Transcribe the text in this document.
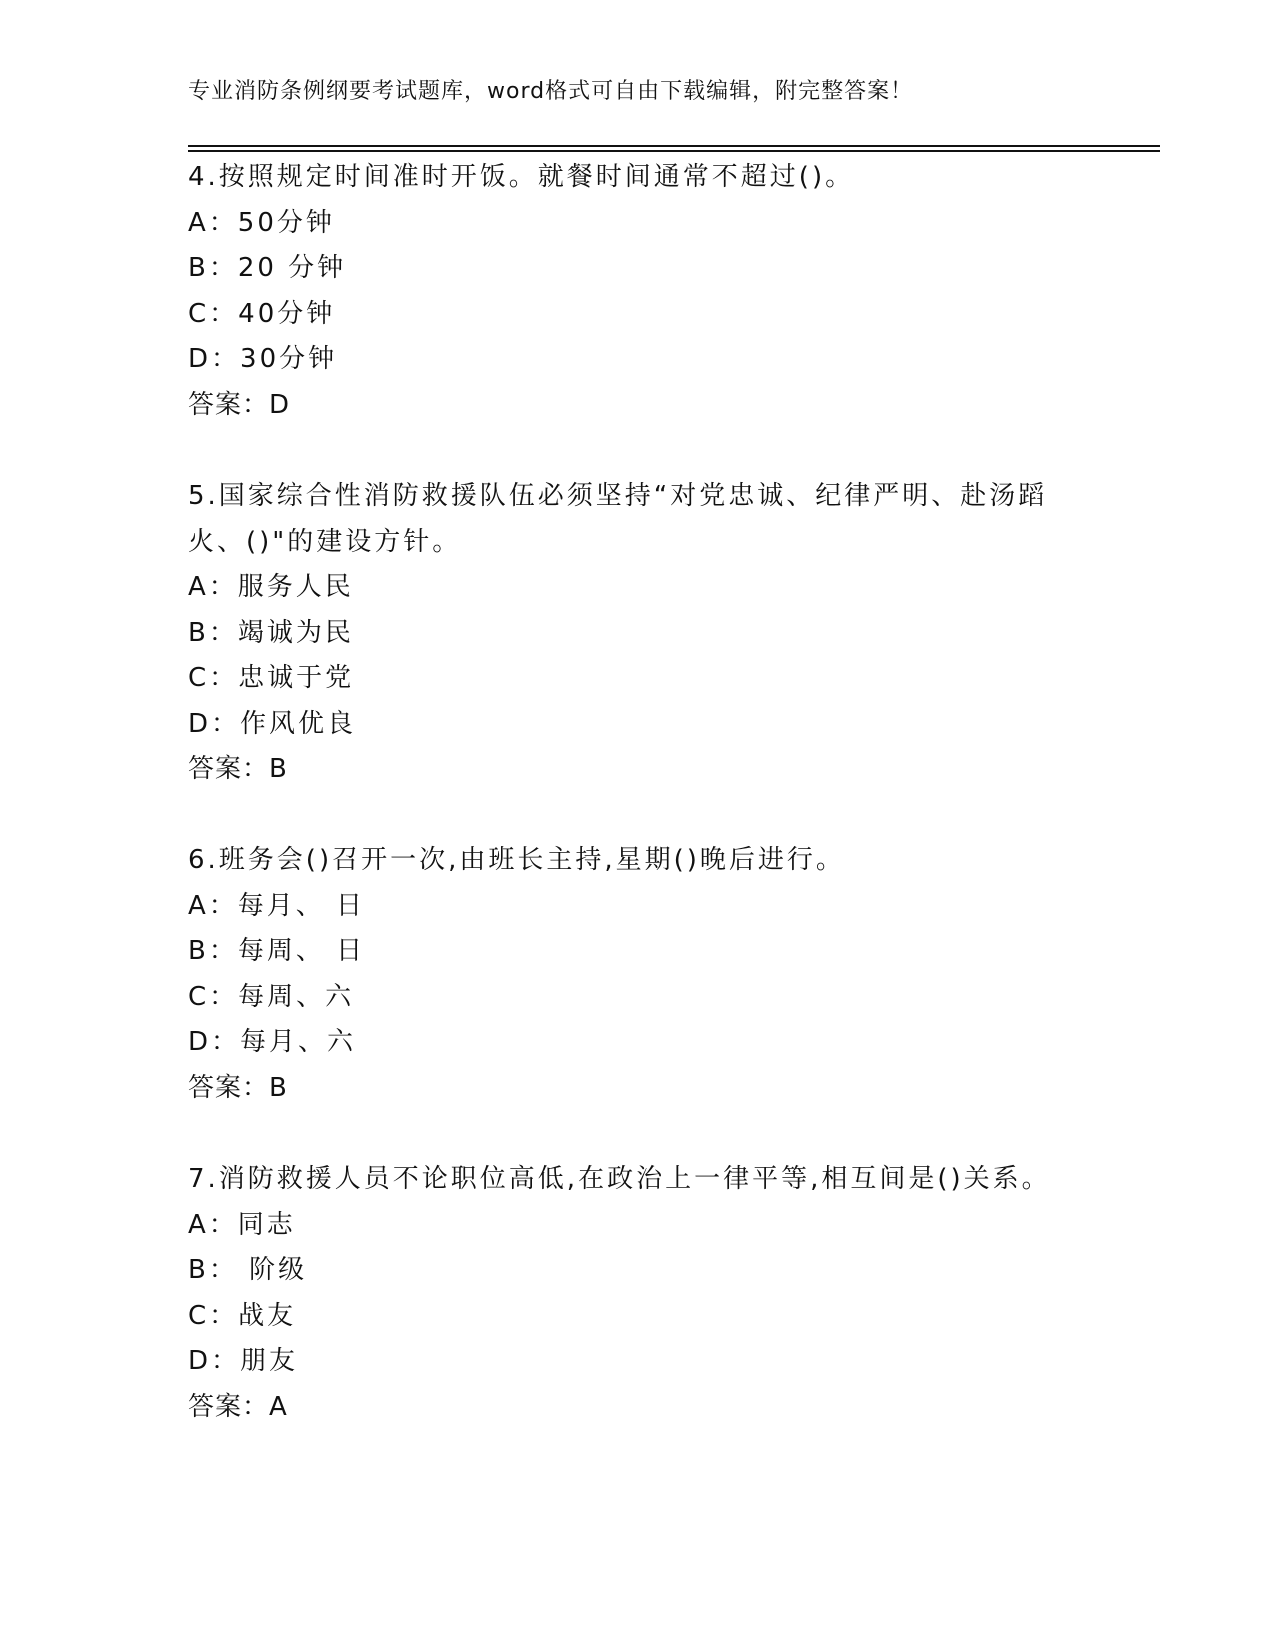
专业消防条例纲要考试题库，word格式可自由下载编辑，附完整答案！
4.按照规定时间准时开饭。就餐时间通常不超过()。
A：50分钟
B：20 分钟
C：40分钟
D：30分钟
答案：D
5.国家综合性消防救援队伍必须坚持“对党忠诚、纪律严明、赴汤蹈
火、()"的建设方针。
A：服务人民
B：竭诚为民
C：忠诚于党
D：作风优良
答案：B
6.班务会()召开一次,由班长主持,星期()晚后进行。
A：每月、 日
B：每周、 日
C：每周、六
D：每月、六
答案：B
7.消防救援人员不论职位高低,在政治上一律平等,相互间是()关系。
A：同志
B： 阶级
C：战友
D：朋友
答案：A
